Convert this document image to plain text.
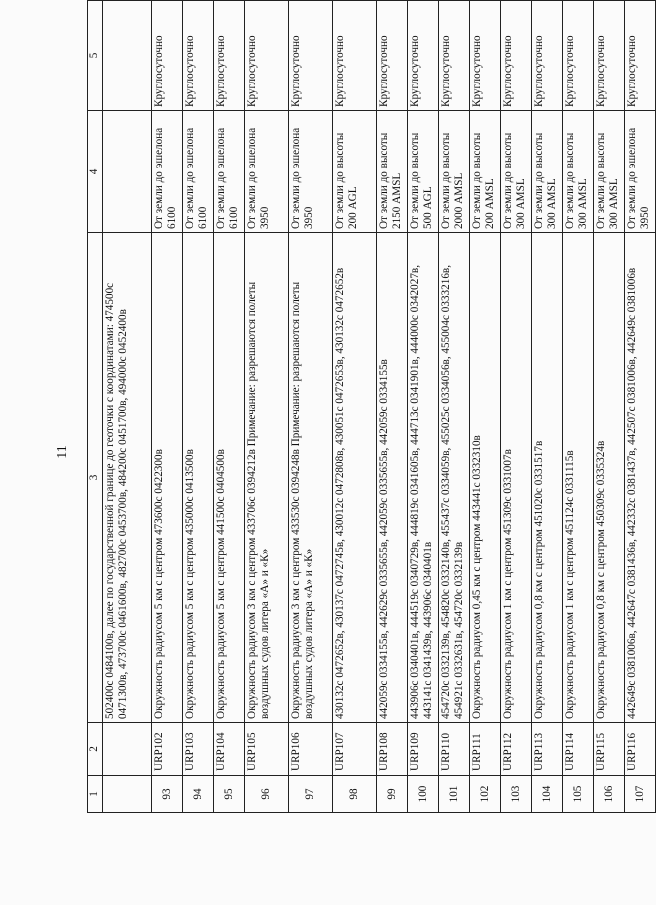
11
1	2	3	4	5
		502400с 0484100в, далее по государственной границе до геоточки с координатами: 474500с 0471300в, 473700с 0461600в, 482700с 0453700в, 484200с 0451700в, 494000с 0452400в		
93	URP102	Окружность радиусом 5 км с центром 473600с 0422300в	От земли до эшелона 6100	Круглосуточно
94	URP103	Окружность радиусом 5 км с центром 435000с 0413500в	От земли до эшелона 6100	Круглосуточно
95	URP104	Окружность радиусом 5 км с центром 441500с 0404500в	От земли до эшелона 6100	Круглосуточно
96	URP105	Окружность радиусом 3 км с центром 433706с 0394212в Примечание: разрешаются полеты воздушных судов литера «А» и «К»	От земли до эшелона 3950	Круглосуточно
97	URP106	Окружность радиусом 3 км с центром 433530с 0394248в Примечание: разрешаются полеты воздушных судов литера «А» и «К»	От земли до эшелона 3950	Круглосуточно
98	URP107	430132с 0472652в, 430137с 0472745в, 430012с 0472808в, 430051с 0472653в, 430132с 0472652в	От земли до высоты 200 AGL	Круглосуточно
99	URP108	442059с 0334155в, 442629с 0335655в, 442059с 0335655в, 442059с 0334155в	От земли до высоты 2150 AMSL	Круглосуточно
100	URP109	443906с 0340401в, 444519с 0340729в, 444819с 0341605в, 444713с 0341901в, 444000с 0342027в, 443141с 0341439в, 443906с 0340401в	От земли до высоты 500 AGL	Круглосуточно
101	URP110	454720с 0332139в, 454820с 0332140в, 455437с 0334059в, 455025с 0334056в, 455004с 0333216в, 454921с 0332631в, 454720с 0332139в	От земли до высоты 2000 AMSL	Круглосуточно
102	URP111	Окружность радиусом 0,45 км с центром 443441с 0332310в	От земли до высоты 200 AMSL	Круглосуточно
103	URP112	Окружность радиусом 1 км с центром 451309с 0331007в	От земли до высоты 300 AMSL	Круглосуточно
104	URP113	Окружность радиусом 0,8 км с центром 451020с 0331517в	От земли до высоты 300 AMSL	Круглосуточно
105	URP114	Окружность радиусом 1 км с центром 451124с 0331115в	От земли до высоты 300 AMSL	Круглосуточно
106	URP115	Окружность радиусом 0,8 км с центром 450309с 0335324в	От земли до высоты 300 AMSL	Круглосуточно
107	URP116	442649с 0381006в, 442647с 0381436в, 442332с 0381437в, 442507с 0381006в, 442649с 0381006в	От земли до эшелона 3950	Круглосуточно
